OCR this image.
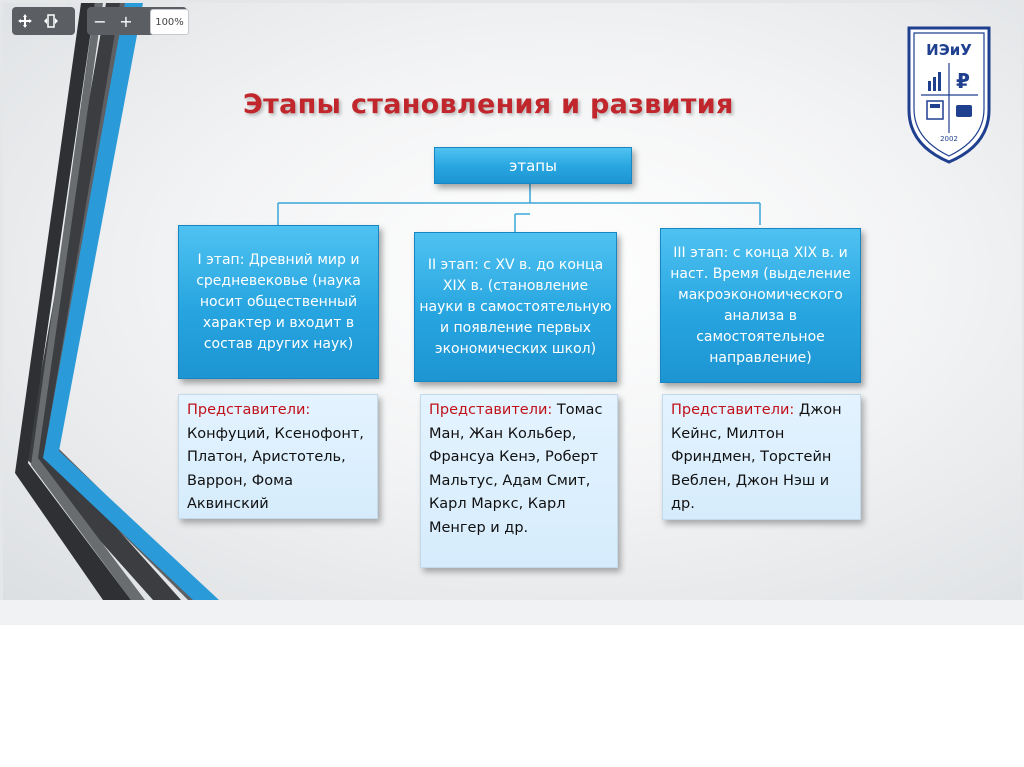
− +	100%
Этапы становления и развития
этапы
I этап: Древний мир и средневековье (наука носит общественный характер и входит в состав других наук)
II этап: с XV в. до конца XIX в. (становление науки в самостоятельную и появление первых экономических школ)
III этап: с конца XIX в. и наст. Время (выделение макроэкономического анализа в самостоятельное направление)
Представители: Конфуций, Ксенофонт, Платон, Аристотель, Варрон, Фома Аквинский
Представители: Томас Ман, Жан Кольбер, Франсуа Кенэ, Роберт Мальтус, Адам Смит, Карл Маркс, Карл Менгер и др.
Представители: Джон Кейнс, Милтон Фриндмен, Торстейн Веблен, Джон Нэш и др.
ИЭиУ
₽
2002
